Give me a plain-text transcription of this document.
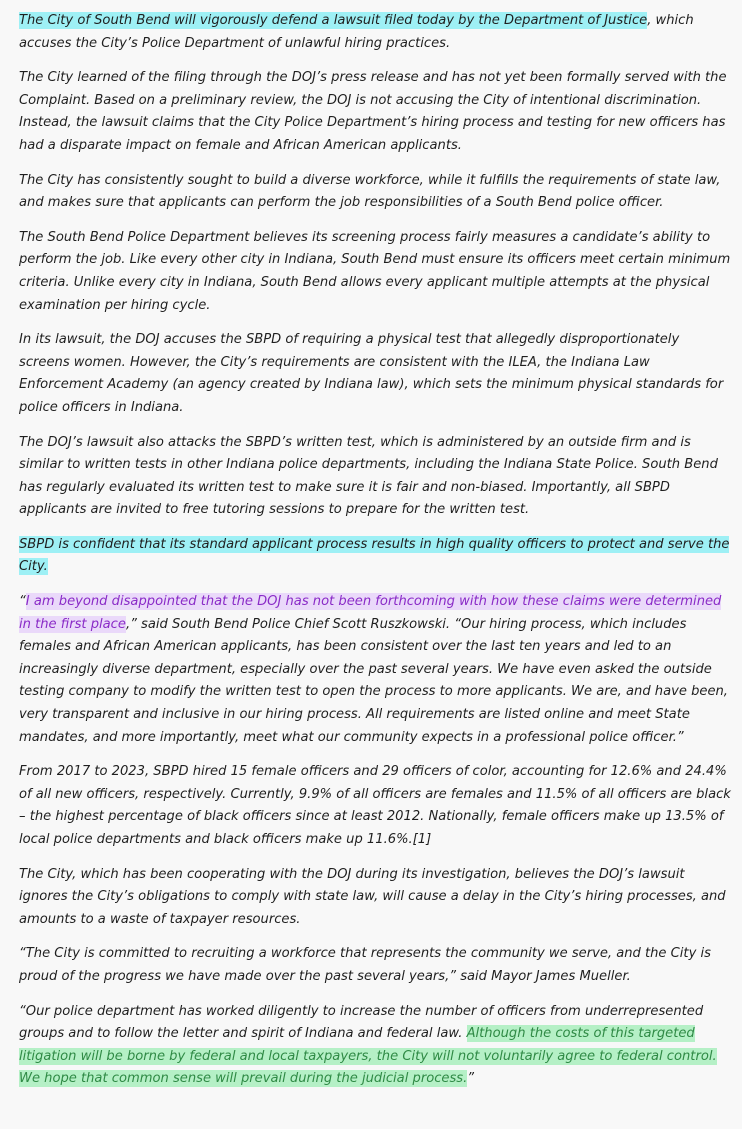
The City of South Bend will vigorously defend a lawsuit filed today by the Department of Justice, which accuses the City’s Police Department of unlawful hiring practices.

The City learned of the filing through the DOJ’s press release and has not yet been formally served with the Complaint. Based on a preliminary review, the DOJ is not accusing the City of intentional discrimination. Instead, the lawsuit claims that the City Police Department’s hiring process and testing for new officers has had a disparate impact on female and African American applicants.

The City has consistently sought to build a diverse workforce, while it fulfills the requirements of state law, and makes sure that applicants can perform the job responsibilities of a South Bend police officer.

The South Bend Police Department believes its screening process fairly measures a candidate’s ability to perform the job. Like every other city in Indiana, South Bend must ensure its officers meet certain minimum criteria. Unlike every city in Indiana, South Bend allows every applicant multiple attempts at the physical examination per hiring cycle.

In its lawsuit, the DOJ accuses the SBPD of requiring a physical test that allegedly disproportionately screens women. However, the City’s requirements are consistent with the ILEA, the Indiana Law Enforcement Academy (an agency created by Indiana law), which sets the minimum physical standards for police officers in Indiana.

The DOJ’s lawsuit also attacks the SBPD’s written test, which is administered by an outside firm and is similar to written tests in other Indiana police departments, including the Indiana State Police. South Bend has regularly evaluated its written test to make sure it is fair and non-biased. Importantly, all SBPD applicants are invited to free tutoring sessions to prepare for the written test.

SBPD is confident that its standard applicant process results in high quality officers to protect and serve the City.

“I am beyond disappointed that the DOJ has not been forthcoming with how these claims were determined in the first place,” said South Bend Police Chief Scott Ruszkowski. “Our hiring process, which includes females and African American applicants, has been consistent over the last ten years and led to an increasingly diverse department, especially over the past several years. We have even asked the outside testing company to modify the written test to open the process to more applicants. We are, and have been, very transparent and inclusive in our hiring process. All requirements are listed online and meet State mandates, and more importantly, meet what our community expects in a professional police officer.”

From 2017 to 2023, SBPD hired 15 female officers and 29 officers of color, accounting for 12.6% and 24.4% of all new officers, respectively. Currently, 9.9% of all officers are females and 11.5% of all officers are black – the highest percentage of black officers since at least 2012. Nationally, female officers make up 13.5% of local police departments and black officers make up 11.6%.[1]

The City, which has been cooperating with the DOJ during its investigation, believes the DOJ’s lawsuit ignores the City’s obligations to comply with state law, will cause a delay in the City’s hiring processes, and amounts to a waste of taxpayer resources.

“The City is committed to recruiting a workforce that represents the community we serve, and the City is proud of the progress we have made over the past several years,” said Mayor James Mueller.

“Our police department has worked diligently to increase the number of officers from underrepresented groups and to follow the letter and spirit of Indiana and federal law. Although the costs of this targeted litigation will be borne by federal and local taxpayers, the City will not voluntarily agree to federal control. We hope that common sense will prevail during the judicial process.”
